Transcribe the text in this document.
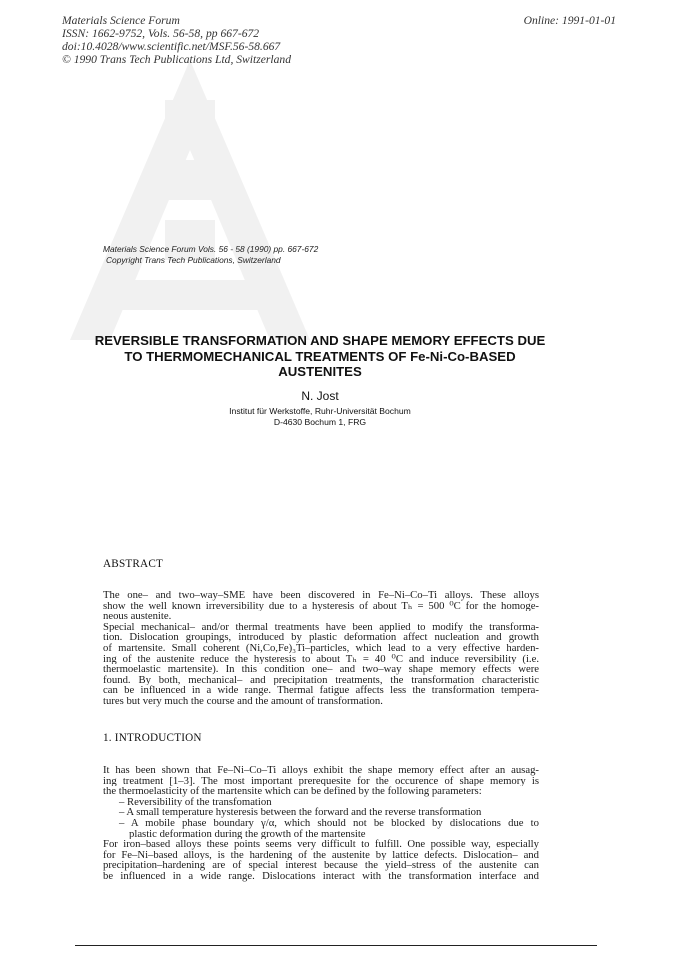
Materials Science Forum
ISSN: 1662-9752, Vols. 56-58, pp 667-672
doi:10.4028/www.scientific.net/MSF.56-58.667
© 1990 Trans Tech Publications Ltd, Switzerland
Online: 1991-01-01
Materials Science Forum Vols. 56 - 58 (1990) pp. 667-672
Copyright Trans Tech Publications, Switzerland
REVERSIBLE TRANSFORMATION AND SHAPE MEMORY EFFECTS DUE
TO THERMOMECHANICAL TREATMENTS OF Fe-Ni-Co-BASED
AUSTENITES
N. Jost
Institut für Werkstoffe, Ruhr-Universität Bochum
D-4630 Bochum 1, FRG
ABSTRACT
The one– and two–way–SME have been discovered in Fe–Ni–Co–Ti alloys. These alloys
show the well known irreversibility due to a hysteresis of about Tₕ = 500 ⁰C for the homoge-
neous austenite.
Special mechanical– and/or thermal treatments have been applied to modify the transforma-
tion. Dislocation groupings, introduced by plastic deformation affect nucleation and growth
of martensite. Small coherent (Ni,Co,Fe)₃Ti–particles, which lead to a very effective harden-
ing of the austenite reduce the hysteresis to about Tₕ = 40 ⁰C and induce reversibility (i.e.
thermoelastic martensite). In this condition one– and two–way shape memory effects were
found. By both, mechanical– and precipitation treatments, the transformation characteristic
can be influenced in a wide range. Thermal fatigue affects less the transformation tempera-
tures but very much the course and the amount of transformation.
1. INTRODUCTION
It has been shown that Fe–Ni–Co–Ti alloys exhibit the shape memory effect after an ausag-
ing treatment [1–3]. The most important prerequesite for the occurence of shape memory is
the thermoelasticity of the martensite which can be defined by the following parameters:
– Reversibility of the transfomation
– A small temperature hysteresis between the forward and the reverse transformation
– A mobile phase boundary γ/α, which should not be blocked by dislocations due to
plastic deformation during the growth of the martensite
For iron–based alloys these points seems very difficult to fulfill. One possible way, especially
for Fe–Ni–based alloys, is the hardening of the austenite by lattice defects. Dislocation– and
precipitation–hardening are of special interest because the yield–stress of the austenite can
be influenced in a wide range. Dislocations interact with the transformation interface and
